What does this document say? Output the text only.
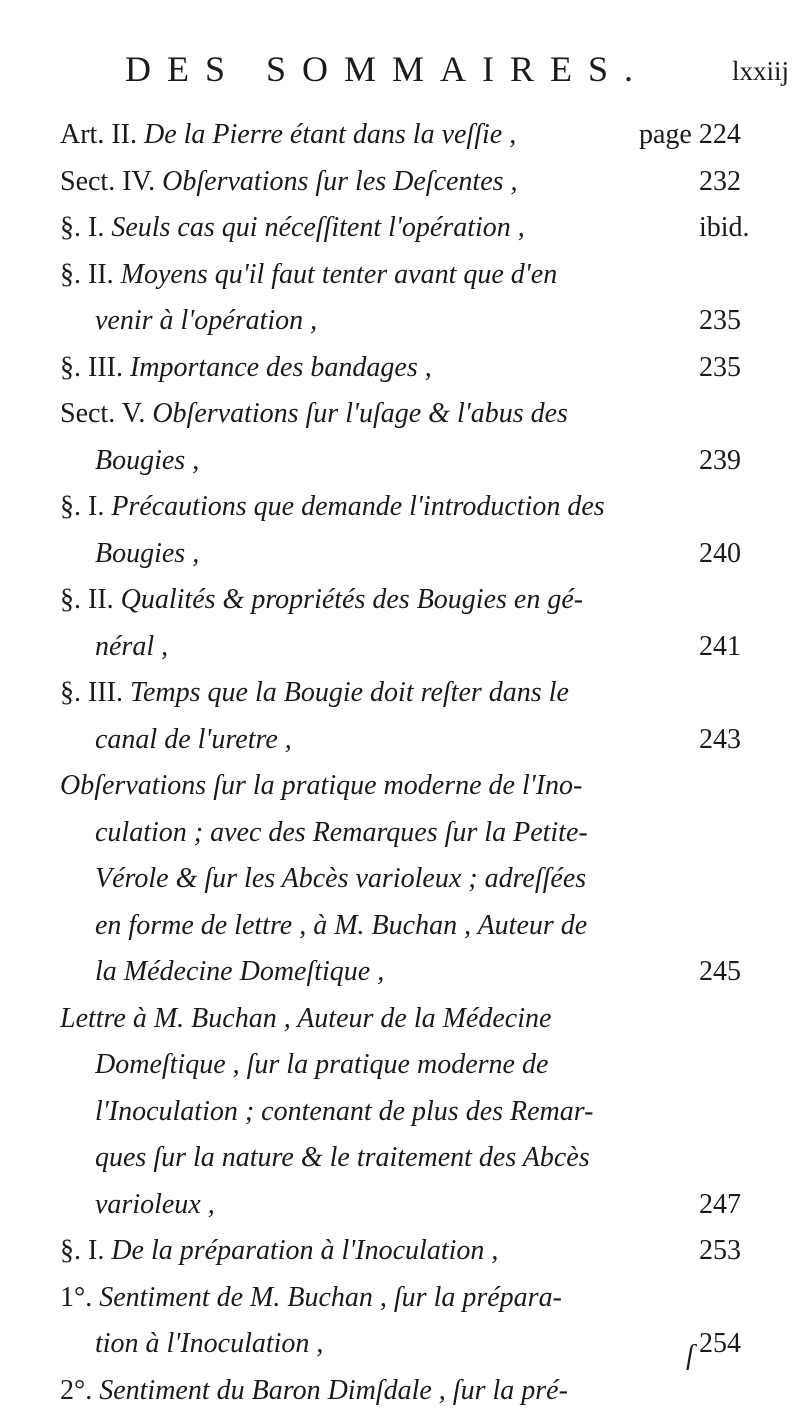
DES SOMMAIRES.	lxxiij
Art. II. De la Pierre étant dans la veſſie ,	page 224
Sect. IV. Obſervations ſur les Deſcentes ,	232
§. I. Seuls cas qui néceſſitent l'opération ,	ibid.
§. II. Moyens qu'il faut tenter avant que d'en
venir à l'opération ,	235
§. III. Importance des bandages ,	235
Sect. V. Obſervations ſur l'uſage & l'abus des
Bougies ,	239
§. I. Précautions que demande l'introduction des
Bougies ,	240
§. II. Qualités & propriétés des Bougies en gé-
néral ,	241
§. III. Temps que la Bougie doit reſter dans le
canal de l'uretre ,	243
Obſervations ſur la pratique moderne de l'Ino-
culation ; avec des Remarques ſur la Petite-
Vérole & ſur les Abcès varioleux ; adreſſées
en forme de lettre , à M. Buchan , Auteur de
la Médecine Domeſtique ,	245
Lettre à M. Buchan , Auteur de la Médecine
Domeſtique , ſur la pratique moderne de
l'Inoculation ; contenant de plus des Remar-
ques ſur la nature & le traitement des Abcès
varioleux ,	247
§. I. De la préparation à l'Inoculation ,	253
1°. Sentiment de M. Buchan , ſur la prépara-
tion à l'Inoculation ,	254
2°. Sentiment du Baron Dimſdale , ſur la pré-
ſ
